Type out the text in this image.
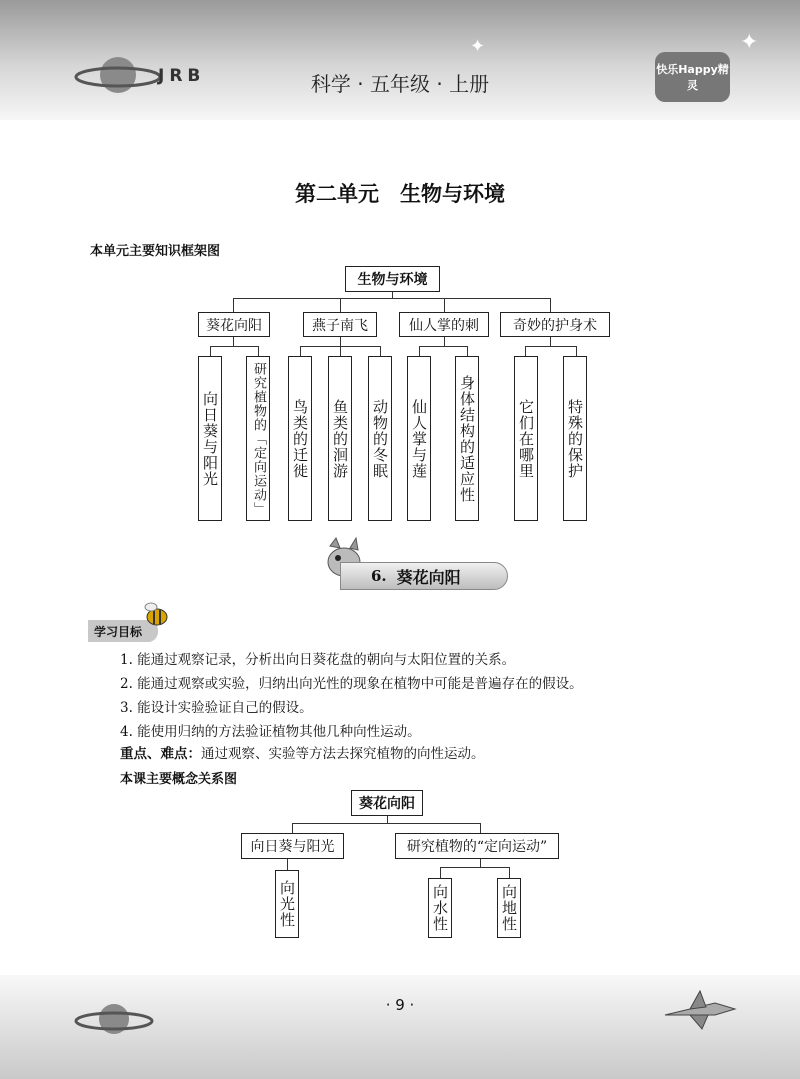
JRB	科学 · 五年级 · 上册
✦	✦
快乐Happy精灵
第二单元　生物与环境
本单元主要知识框架图
生物与环境
葵花向阳	燕子南飞	仙人掌的刺	奇妙的护身术
向日葵与阳光	研究植物的「定向运动」 鸟类的迁徙 鱼类的洄游 动物的冬眠 仙人掌与莲 身体结构的适应性	它们在哪里 特殊的保护
6. 葵花向阳
学习目标
1. 能通过观察记录，分析出向日葵花盘的朝向与太阳位置的关系。
2. 能通过观察或实验，归纳出向光性的现象在植物中可能是普遍存在的假设。
3. 能设计实验验证自己的假设。
4. 能使用归纳的方法验证植物其他几种向性运动。
重点、难点：通过观察、实验等方法去探究植物的向性运动。
本课主要概念关系图
葵花向阳
向日葵与阳光	研究植物的“定向运动”
向光性	向水性	向地性
· 9 ·
